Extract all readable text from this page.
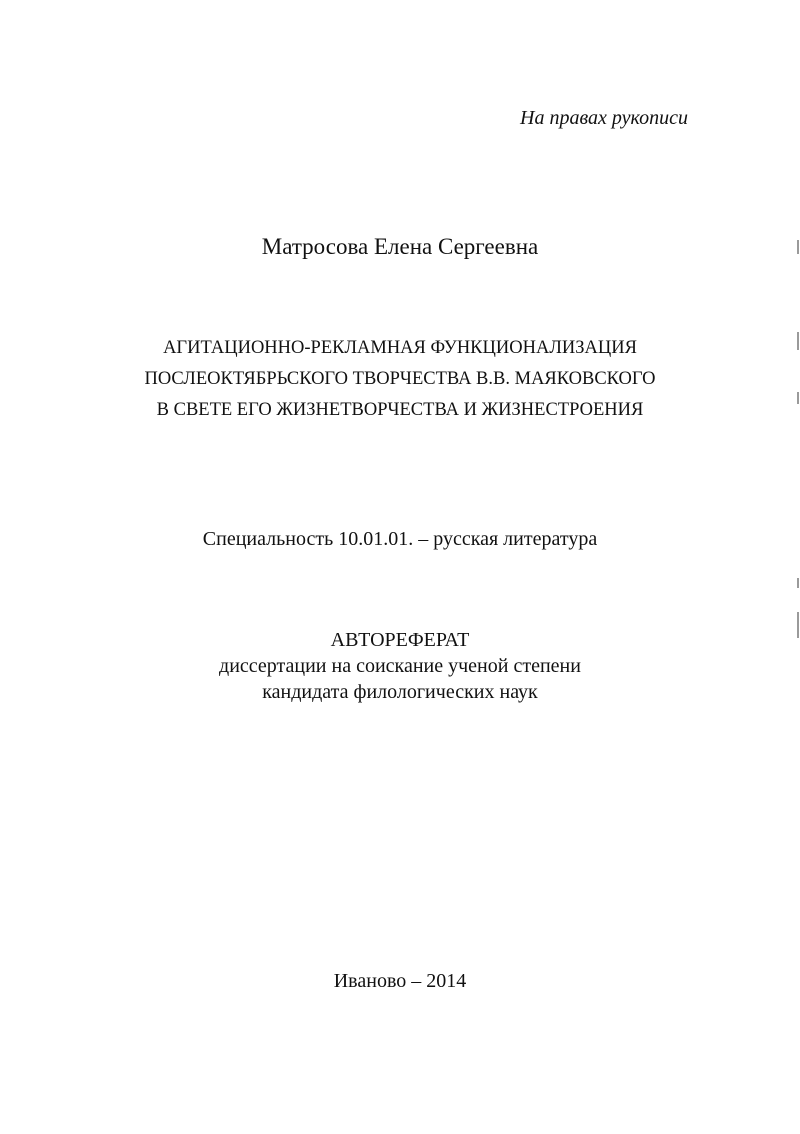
На правах рукописи
Матросова Елена Сергеевна
АГИТАЦИОННО-РЕКЛАМНАЯ ФУНКЦИОНАЛИЗАЦИЯ
ПОСЛЕОКТЯБРЬСКОГО ТВОРЧЕСТВА В.В. МАЯКОВСКОГО
В СВЕТЕ ЕГО ЖИЗНЕТВОРЧЕСТВА И ЖИЗНЕСТРОЕНИЯ
Специальность 10.01.01. – русская литература
АВТОРЕФЕРАТ
диссертации на соискание ученой степени
кандидата филологических наук
Иваново – 2014
